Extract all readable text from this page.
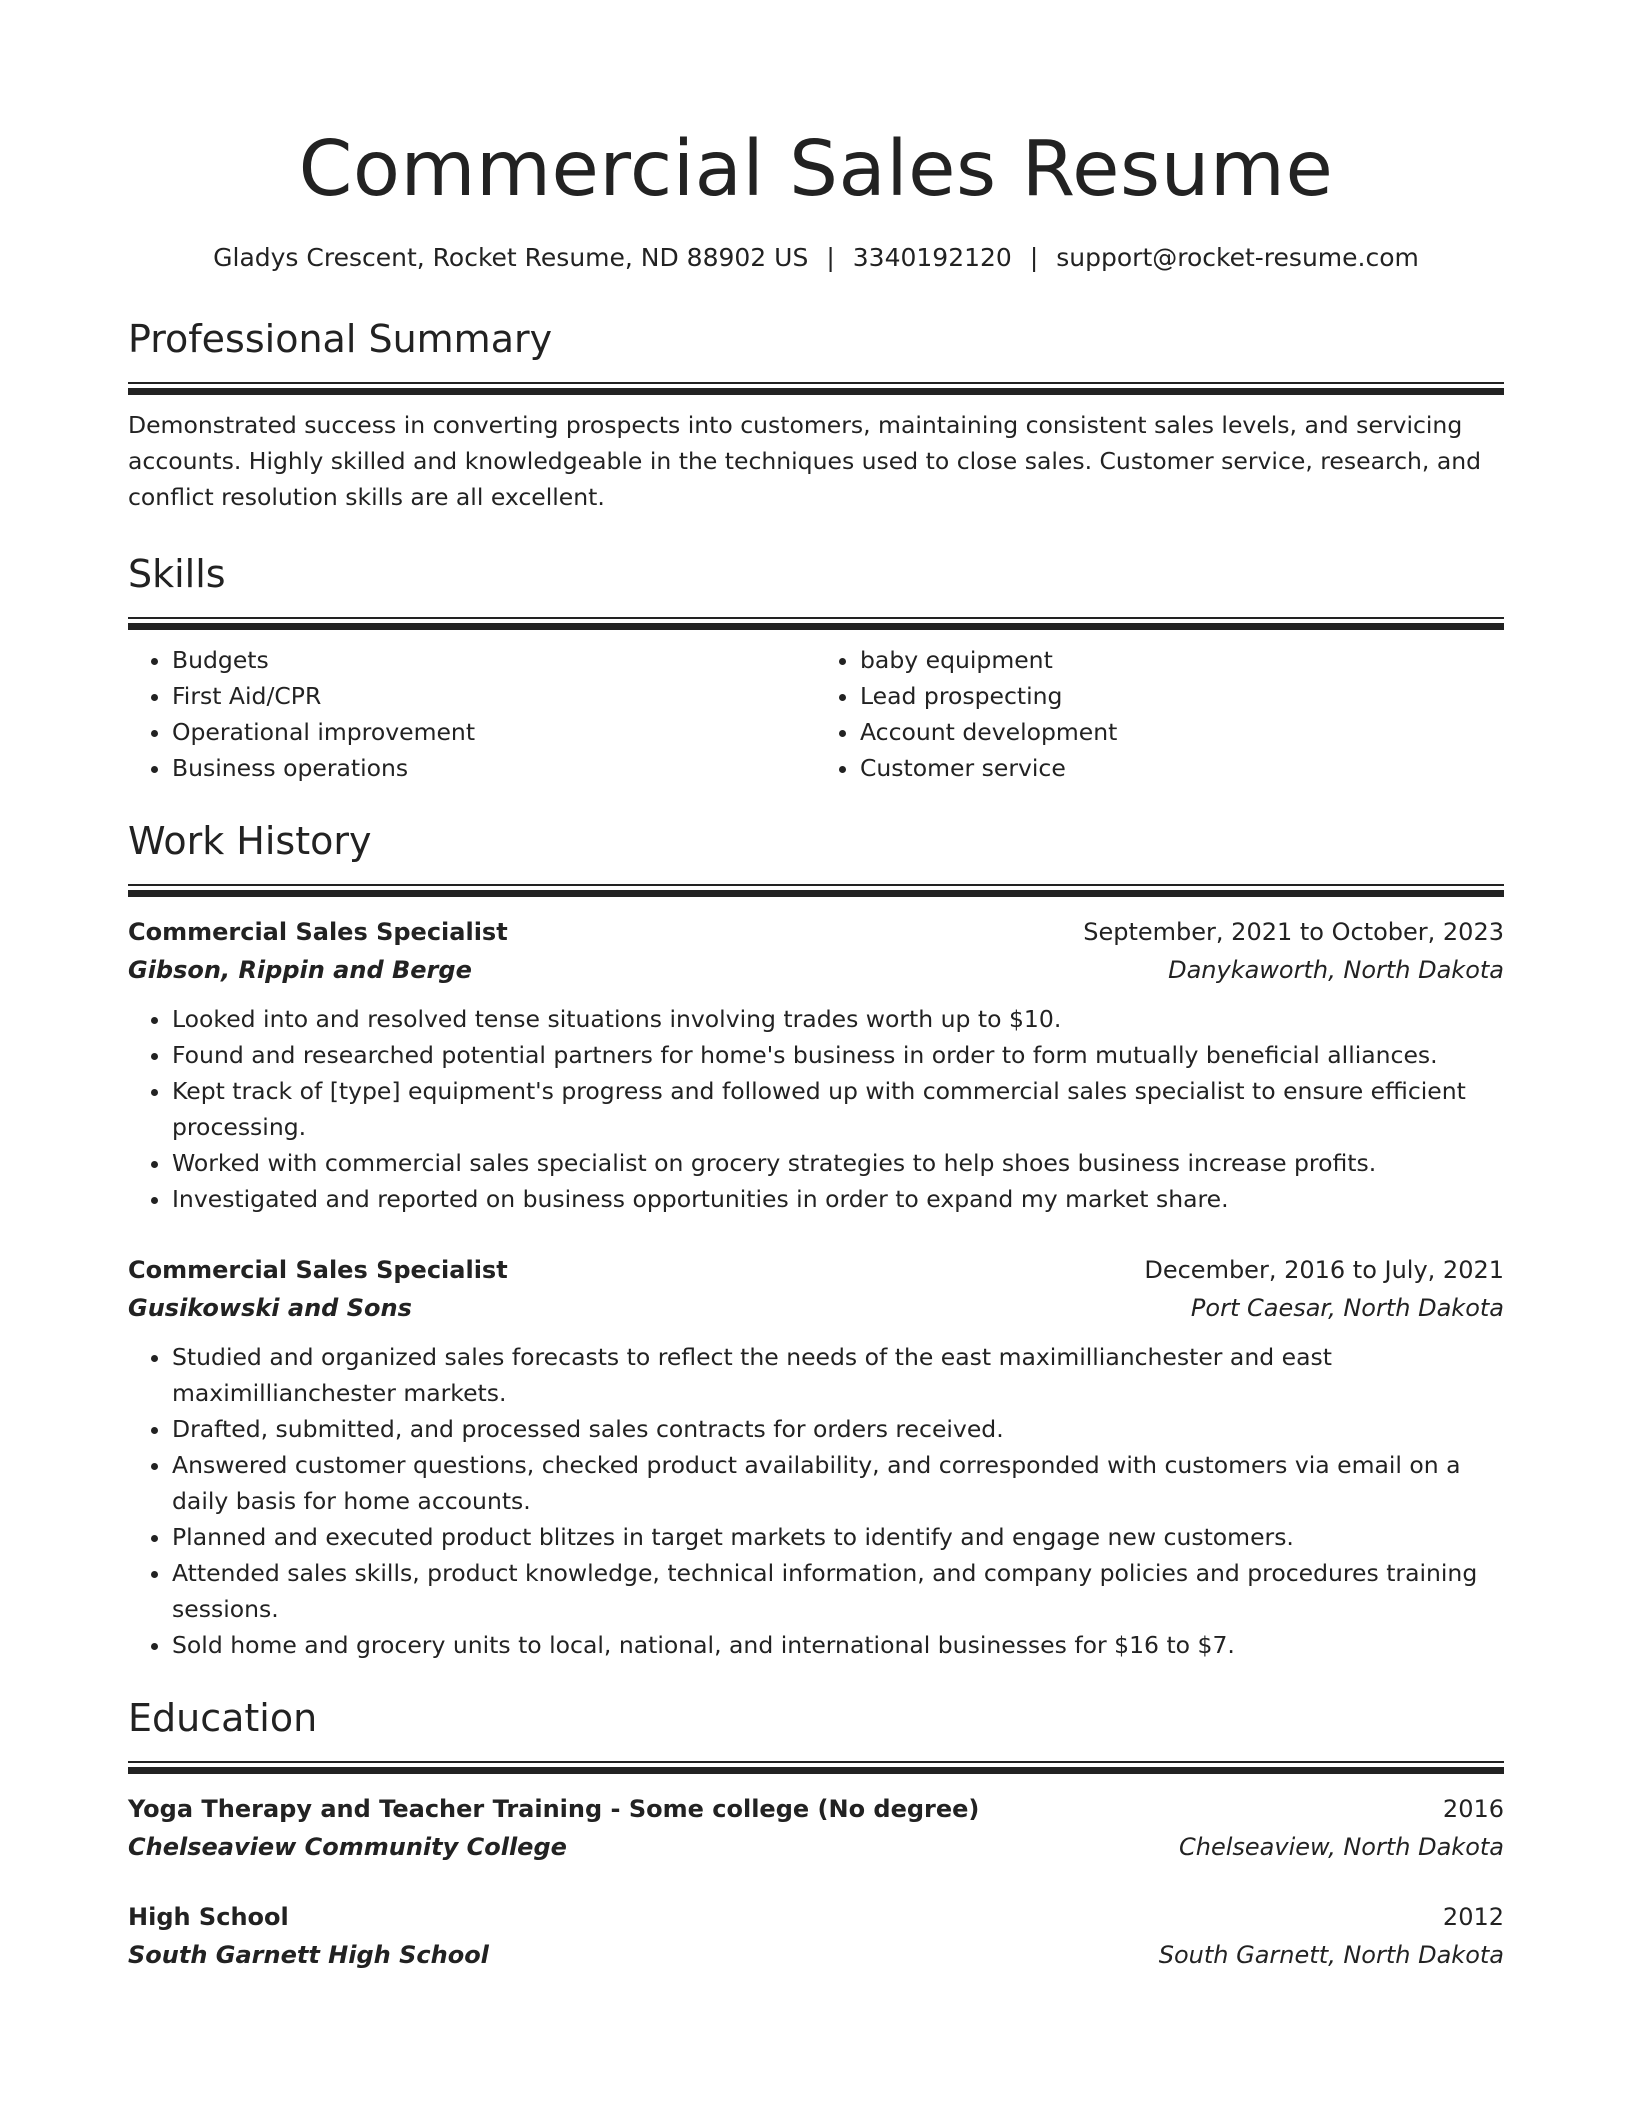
Commercial Sales Resume
Gladys Crescent, Rocket Resume, ND 88902 US | 3340192120 | support@rocket-resume.com
Professional Summary
Demonstrated success in converting prospects into customers, maintaining consistent sales levels, and servicing accounts. Highly skilled and knowledgeable in the techniques used to close sales. Customer service, research, and conflict resolution skills are all excellent.
Skills
• Budgets
• First Aid/CPR
• Operational improvement
• Business operations
• baby equipment
• Lead prospecting
• Account development
• Customer service
Work History
Commercial Sales Specialist	September, 2021 to October, 2023
Gibson, Rippin and Berge	Danykaworth, North Dakota
• Looked into and resolved tense situations involving trades worth up to $10.
• Found and researched potential partners for home's business in order to form mutually beneficial alliances.
• Kept track of [type] equipment's progress and followed up with commercial sales specialist to ensure efficient processing.
• Worked with commercial sales specialist on grocery strategies to help shoes business increase profits.
• Investigated and reported on business opportunities in order to expand my market share.
Commercial Sales Specialist	December, 2016 to July, 2021
Gusikowski and Sons	Port Caesar, North Dakota
• Studied and organized sales forecasts to reflect the needs of the east maximillianchester and east maximillianchester markets.
• Drafted, submitted, and processed sales contracts for orders received.
• Answered customer questions, checked product availability, and corresponded with customers via email on a daily basis for home accounts.
• Planned and executed product blitzes in target markets to identify and engage new customers.
• Attended sales skills, product knowledge, technical information, and company policies and procedures training sessions.
• Sold home and grocery units to local, national, and international businesses for $16 to $7.
Education
Yoga Therapy and Teacher Training - Some college (No degree)	2016
Chelseaview Community College	Chelseaview, North Dakota
High School	2012
South Garnett High School	South Garnett, North Dakota
